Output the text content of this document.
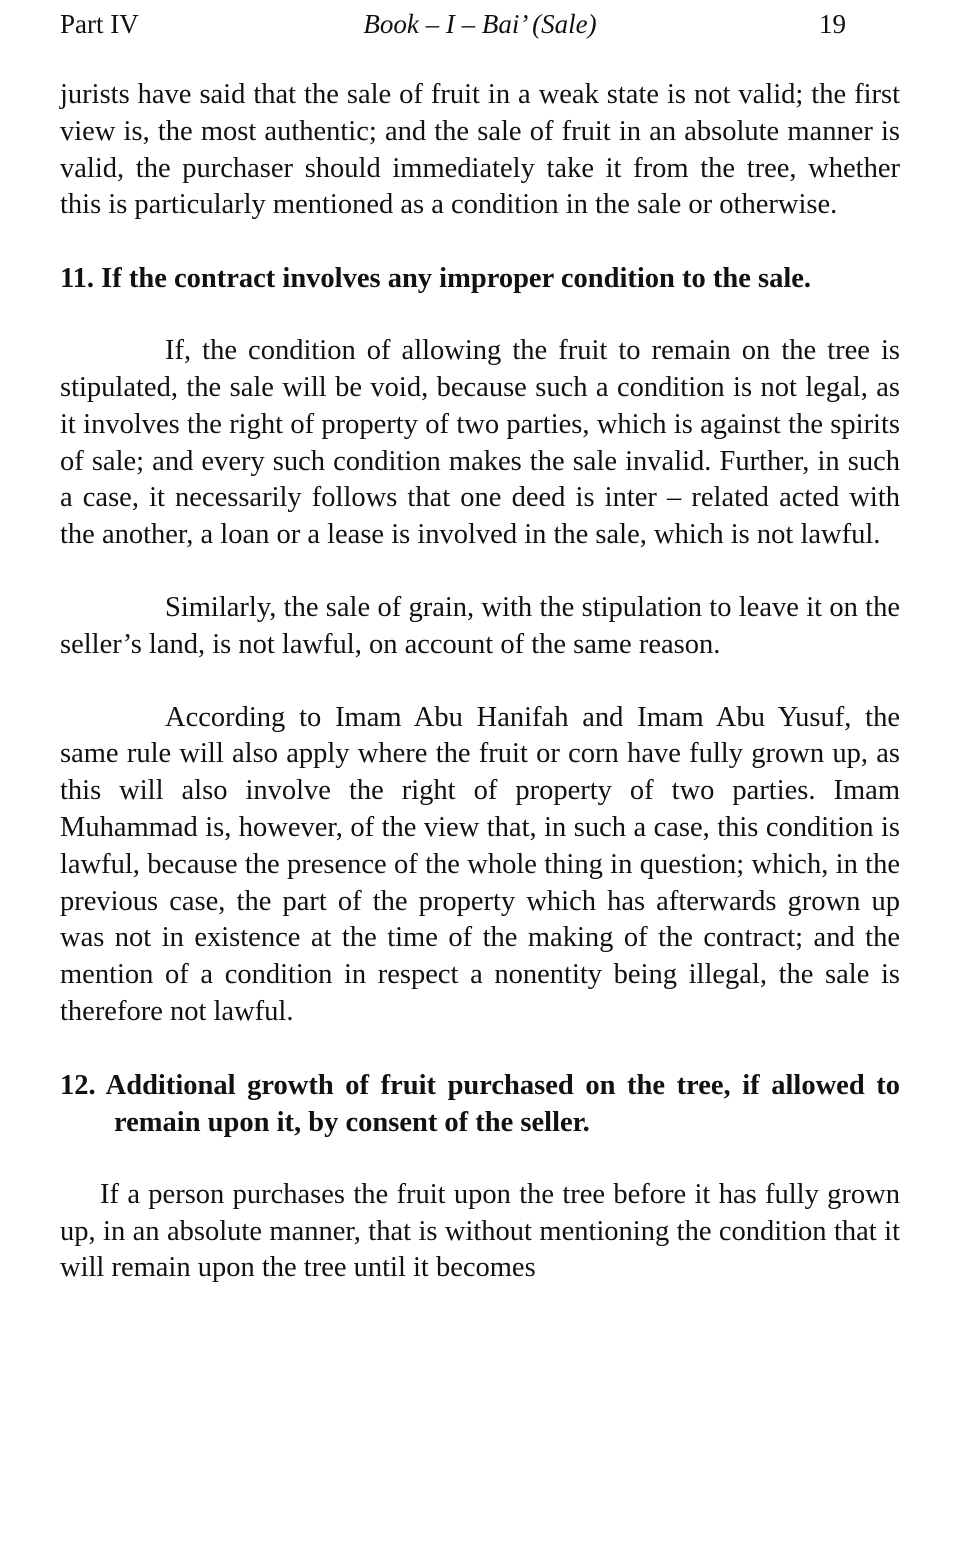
Part IV	Book – I – Bai’ (Sale)	19

jurists have said that the sale of fruit in a weak state is not valid; the first view is, the most authentic; and the sale of fruit in an absolute manner is valid, the purchaser should immediately take it from the tree, whether this is particularly mentioned as a condition in the sale or otherwise.

11. If the contract involves any improper condition to the sale.

If, the condition of allowing the fruit to remain on the tree is stipulated, the sale will be void, because such a condition is not legal, as it involves the right of property of two parties, which is against the spirits of sale; and every such condition makes the sale invalid. Further, in such a case, it necessarily follows that one deed is inter – related acted with the another, a loan or a lease is involved in the sale, which is not lawful.

Similarly, the sale of grain, with the stipulation to leave it on the seller’s land, is not lawful, on account of the same reason.

According to Imam Abu Hanifah and Imam Abu Yusuf, the same rule will also apply where the fruit or corn have fully grown up, as this will also involve the right of property of two parties. Imam Muhammad is, however, of the view that, in such a case, this condition is lawful, because the presence of the whole thing in question; which, in the previous case, the part of the property which has afterwards grown up was not in existence at the time of the making of the contract; and the mention of a condition in respect a nonentity being illegal, the sale is therefore not lawful.

12. Additional growth of fruit purchased on the tree, if allowed to remain upon it, by consent of the seller.

If a person purchases the fruit upon the tree before it has fully grown up, in an absolute manner, that is without mentioning the condition that it will remain upon the tree until it becomes
